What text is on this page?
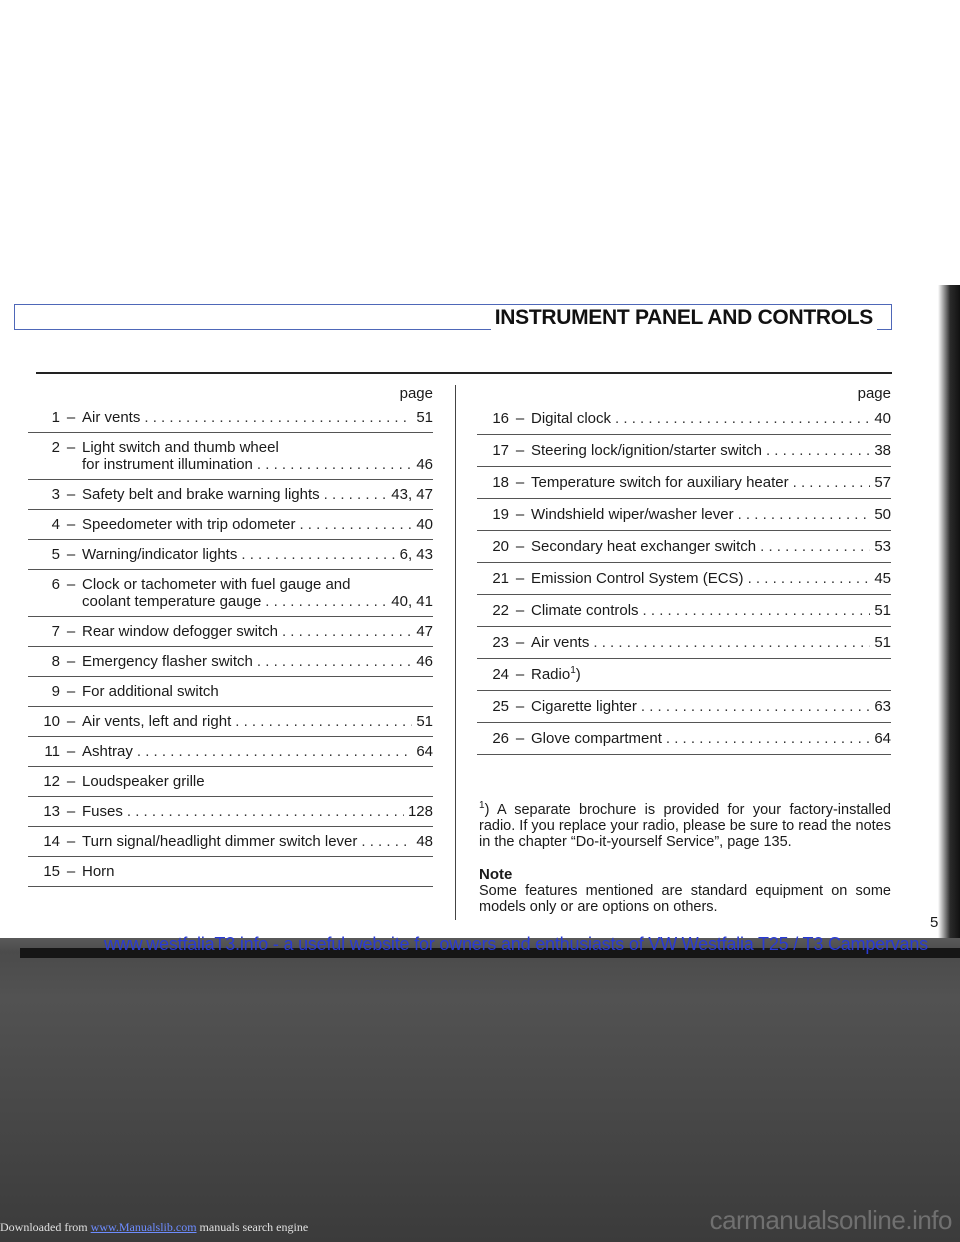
INSTRUMENT PANEL AND CONTROLS
page
1 – Air vents . . .	51
2 – Light switch and thumb wheel
for instrument illumination . . .	46
3 – Safety belt and brake warning lights . . .	43, 47
4 – Speedometer with trip odometer . . .	40
5 – Warning/indicator lights . . .	6, 43
6 – Clock or tachometer with fuel gauge and
coolant temperature gauge . . .	40, 41
7 – Rear window defogger switch . . .	47
8 – Emergency flasher switch . . .	46
9 – For additional switch
10 – Air vents, left and right . . .	51
11 – Ashtray . . .	64
12 – Loudspeaker grille
13 – Fuses . . .	128
14 – Turn signal/headlight dimmer switch lever . . .	48
15 – Horn
page
16 – Digital clock . . .	40
17 – Steering lock/ignition/starter switch . . .	38
18 – Temperature switch for auxiliary heater . . .	57
19 – Windshield wiper/washer lever . . .	50
20 – Secondary heat exchanger switch . . .	53
21 – Emission Control System (ECS) . . .	45
22 – Climate controls . . .	51
23 – Air vents . . .	51
24 – Radio$^1$)
25 – Cigarette lighter . . .	63
26 – Glove compartment . . .	64
$^1$) A separate brochure is provided for your factory-installed radio. If you replace your radio, please be sure to read the notes in the chapter “Do-it-yourself Service”, page 135.
Note
Some features mentioned are standard equipment on some models only or are options on others.
5
www.westfaliaT3.info - a useful website for owners and enthusiasts of VW Westfalia T25 / T3 Campervans
Downloaded from www.Manualslib.com manuals search engine	carmanualsonline.info
